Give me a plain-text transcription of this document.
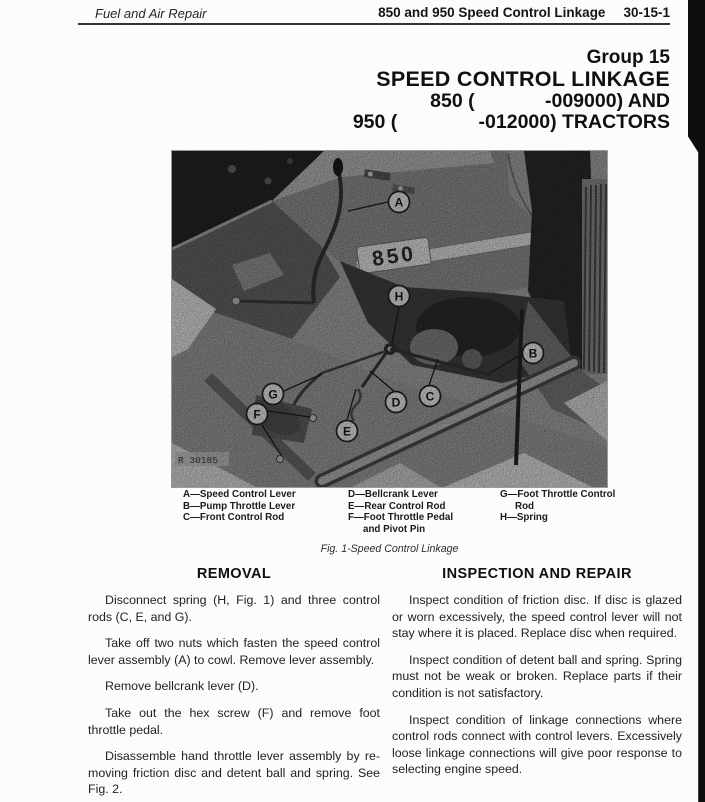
Fuel and Air Repair	850 and 950 Speed Control Linkage 30-15-1
Group 15
SPEED CONTROL LINKAGE
850 (             -009000) AND
950 (               -012000) TRACTORS
A—Speed Control Lever
B—Pump Throttle Lever
C—Front Control Rod
D—Bellcrank Lever
E—Rear Control Rod
F—Foot Throttle Pedal
and Pivot Pin
G—Foot Throttle Control
Rod
H—Spring
Fig. 1-Speed Control Linkage
REMOVAL

Disconnect spring (H, Fig. 1) and three control rods (C, E, and G).

Take off two nuts which fasten the speed control lever assembly (A) to cowl. Remove lever assembly.

Remove bellcrank lever (D).

Take out the hex screw (F) and remove foot throttle pedal.

Disassemble hand throttle lever assembly by re-moving friction disc and detent ball and spring. See Fig. 2.

INSPECTION AND REPAIR

Inspect condition of friction disc. If disc is glazed or worn excessively, the speed control lever will not stay where it is placed. Replace disc when required.

Inspect condition of detent ball and spring. Spring must not be weak or broken. Replace parts if their condition is not satisfactory.

Inspect condition of linkage connections where control rods connect with control levers. Excessively loose linkage connections will give poor response to selecting engine speed.
